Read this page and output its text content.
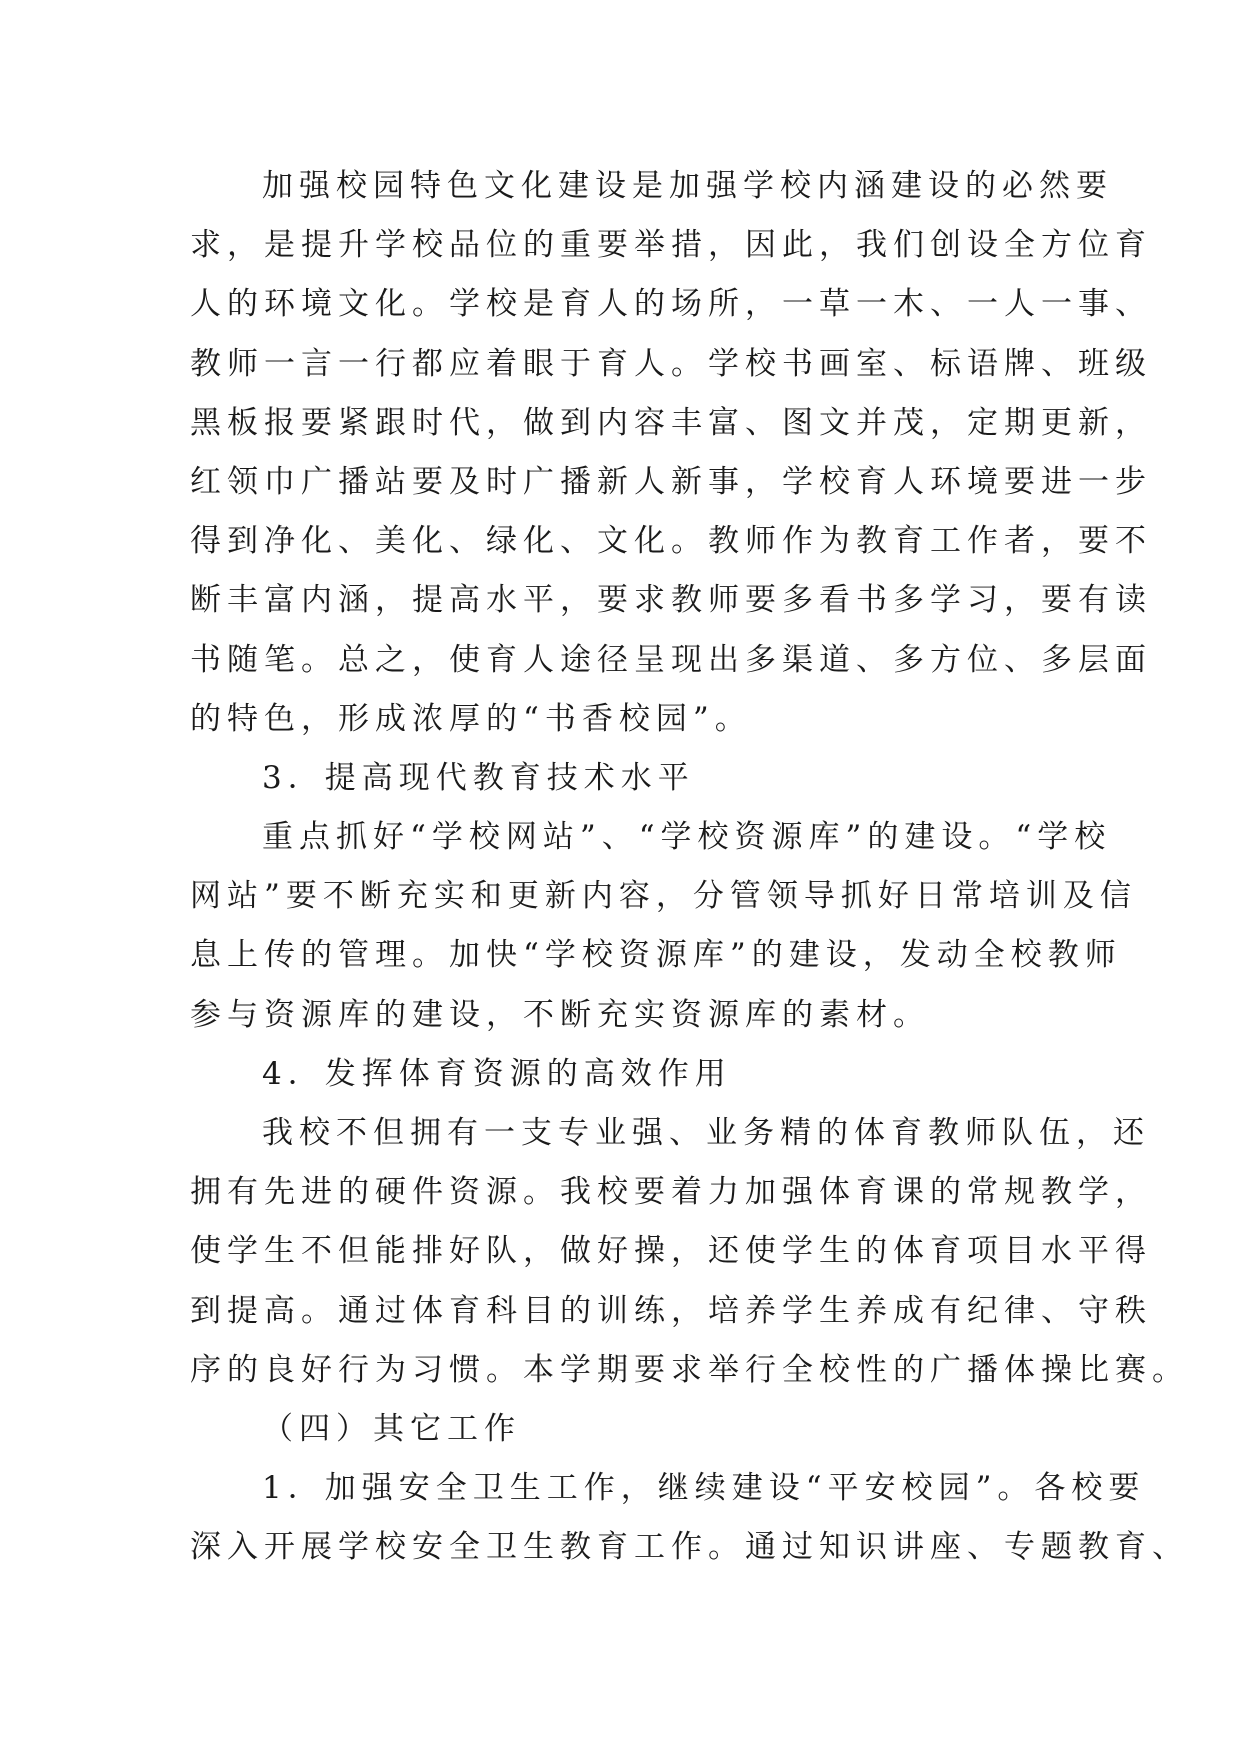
加强校园特色文化建设是加强学校内涵建设的必然要
求，是提升学校品位的重要举措，因此，我们创设全方位育
人的环境文化。学校是育人的场所，一草一木、一人一事、
教师一言一行都应着眼于育人。学校书画室、标语牌、班级
黑板报要紧跟时代，做到内容丰富、图文并茂，定期更新，
红领巾广播站要及时广播新人新事，学校育人环境要进一步
得到净化、美化、绿化、文化。教师作为教育工作者，要不
断丰富内涵，提高水平，要求教师要多看书多学习，要有读
书随笔。总之，使育人途径呈现出多渠道、多方位、多层面
的特色，形成浓厚的“书香校园”。
3．提高现代教育技术水平
重点抓好“学校网站”、“学校资源库”的建设。“学校
网站”要不断充实和更新内容，分管领导抓好日常培训及信
息上传的管理。加快“学校资源库”的建设，发动全校教师
参与资源库的建设，不断充实资源库的素材。
4．发挥体育资源的高效作用
我校不但拥有一支专业强、业务精的体育教师队伍，还
拥有先进的硬件资源。我校要着力加强体育课的常规教学，
使学生不但能排好队，做好操，还使学生的体育项目水平得
到提高。通过体育科目的训练，培养学生养成有纪律、守秩
序的良好行为习惯。本学期要求举行全校性的广播体操比赛。
（四）其它工作
1．加强安全卫生工作，继续建设“平安校园”。各校要
深入开展学校安全卫生教育工作。通过知识讲座、专题教育、
